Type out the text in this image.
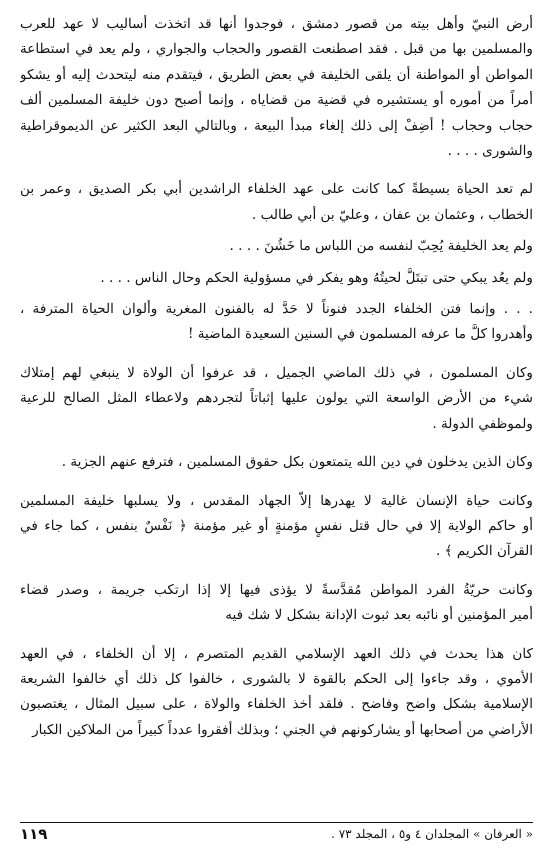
أرض النبيّ وأهل بيته من قصور دمشق ، فوجدوا أنها قد اتخذت أساليب لا عهد للعرب
والمسلمين بها من قبل . فقد اصطنعت القصور والحجاب والجواري ، ولم يعد في استطاعة
المواطن أو المواطنة أن يلقى الخليفة في بعض الطريق ، فيتقدم منه ليتحدث إليه أو يشكو
أمراً من أموره أو يستشيره في قضية من قضاياه ، وإنما أصبح دون خليفة المسلمين ألف
حجاب وحجاب ! أضِفْ إلى ذلك إلغاء مبدأ البيعة ، وبالتالي البعد الكثير عن الديموقراطية
والشورى . . . .
لم تعد الحياة بسيطةً كما كانت على عهد الخلفاء الراشدين أبي بكر الصديق ، وعمر بن
الخطاب ، وعثمان بن عفان ، وعليّ بن أبي طالب .
ولم يعد الخليفة يُحِبّ لنفسه من اللباس ما خَشُنَ . . . .
ولم يعُد يبكي حتى تبتَلَّ لحيتُهُ وهو يفكر في مسؤولية الحكم وحال الناس . . . .
. . . وإنما فتن الخلفاء الجدد فنوناً لا حَدَّ له بالفنون المغرية وألوان الحياة المترفة ،
وأهدروا كلَّ ما عرفه المسلمون في السنين السعيدة الماضية !
وكان المسلمون ، في ذلك الماضي الجميل ، قد عرفوا أن الولاة لا ينبغي لهم إمتلاك
شيء من الأرض الواسعة التي يولون عليها إثباتاً لتجردهم ولاعطاء المثل الصالح للرعية
ولموظفي الدولة .
وكان الذين يدخلون في دين الله يتمتعون بكل حقوق المسلمين ، فترفع عنهم الجزية .
وكانت حياة الإنسان غالية لا يهدرها إلاّ الجهاد المقدس ، ولا يسلبها خليفة المسلمين
أو حاكم الولاية إلا في حال قتل نفسٍ مؤمنةٍ أو غير مؤمنة ﴿ نَفْسٌ بنفس ، كما جاء في
القرآن الكريم ﴾ .
وكانت حريّةُ الفرد المواطن مُقدَّسةً لا يؤذى فيها إلا إذا ارتكب جريمة ، وصدر قضاء
أمير المؤمنين أو نائبه بعد ثبوت الإدانة بشكل لا شك فيه
كان هذا يحدث في ذلك العهد الإسلامي القديم المتصرم ، إلا أن الخلفاء ، في العهد
الأموي ، وقد جاءوا إلى الحكم بالقوة لا بالشورى ، خالفوا كل ذلك أي خالفوا الشريعة
الإسلامية بشكل واضح وفاضح . فلقد أخذ الخلفاء والولاة ، على سبيل المثال ، يغتصبون
الأراضي من أصحابها أو يشاركونهم في الجني ؛ وبذلك أفقروا عدداً كبيراً من الملاكين الكبار
١١٩	« العرفان » المجلدان ٤ و٥ ، المجلد ٧٣ .
